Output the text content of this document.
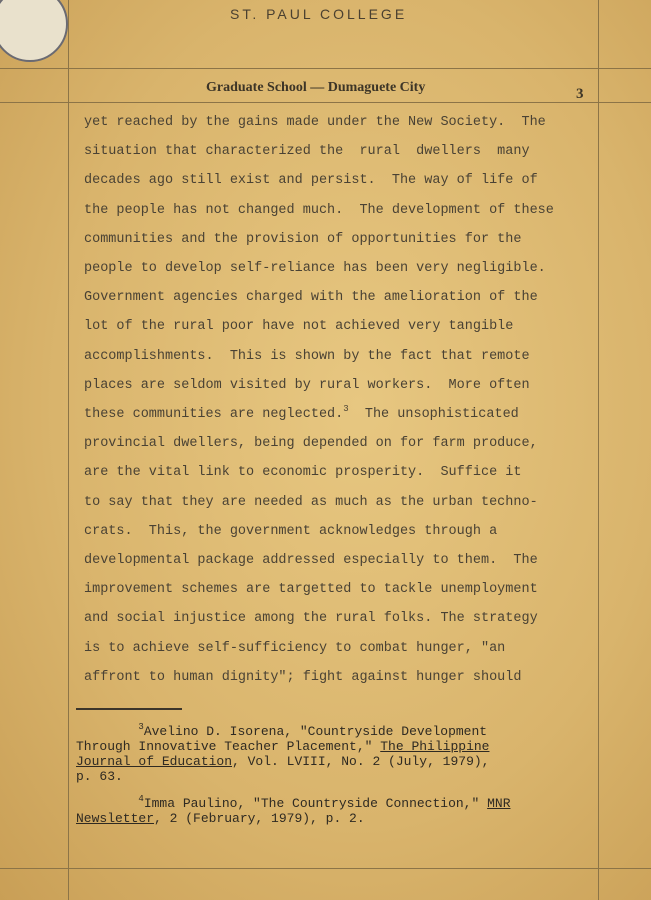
ST. PAUL COLLEGE
Graduate School — Dumaguete City	3
yet reached by the gains made under the New Society.  The
situation that characterized the  rural  dwellers  many
decades ago still exist and persist.  The way of life of
the people has not changed much.  The development of these
communities and the provision of opportunities for the
people to develop self-reliance has been very negligible.
Government agencies charged with the amelioration of the
lot of the rural poor have not achieved very tangible
accomplishments.  This is shown by the fact that remote
places are seldom visited by rural workers.  More often
these communities are neglected.$^3$  The unsophisticated
provincial dwellers, being depended on for farm produce,
are the vital link to economic prosperity.  Suffice it
to say that they are needed as much as the urban techno-
crats.  This, the government acknowledges through a
developmental package addressed especially to them.  The
improvement schemes are targetted to tackle unemployment
and social injustice among the rural folks. The strategy
is to achieve self-sufficiency to combat hunger, "an
affront to human dignity"; fight against hunger should
$^3$Avelino D. Isorena, "Countryside Development
Through Innovative Teacher Placement," The Philippine
Journal of Education, Vol. LVIII, No. 2 (July, 1979),
p. 63.
$^4$Imma Paulino, "The Countryside Connection," MNR
Newsletter, 2 (February, 1979), p. 2.
